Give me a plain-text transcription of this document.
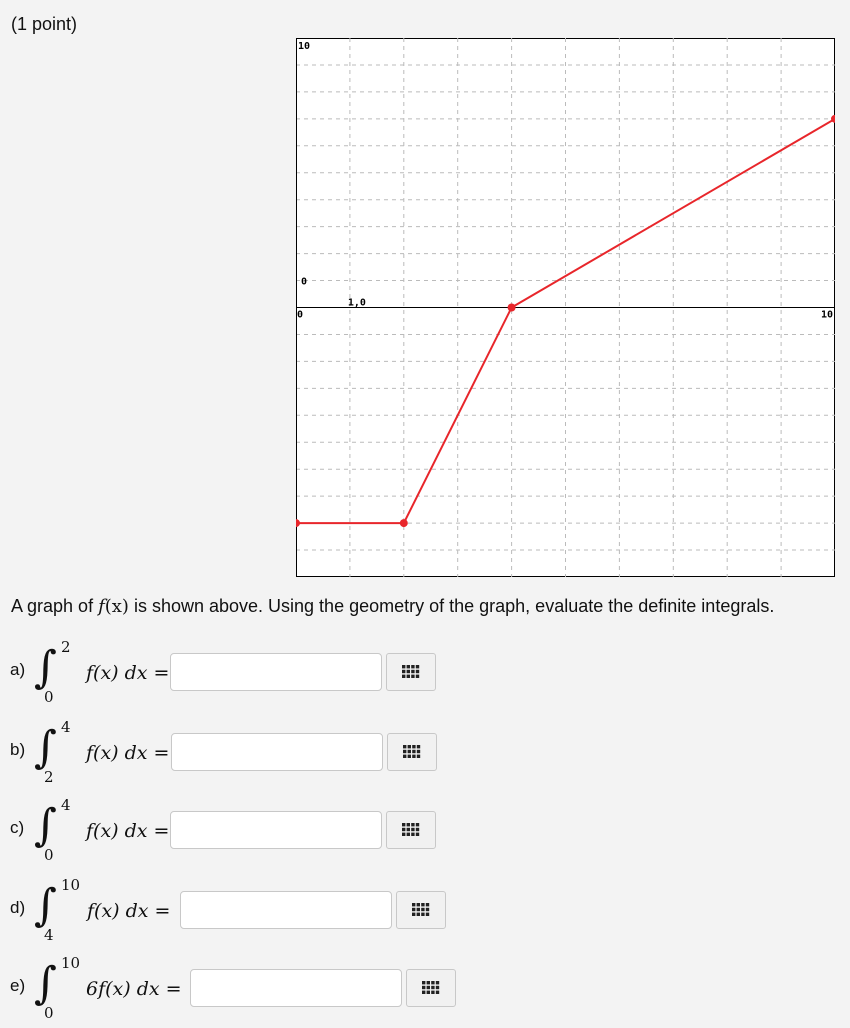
(1 point)
10
0
0
1,0
10
A graph of f(x) is shown above. Using the geometry of the graph, evaluate the definite integrals.
a) ∫ 2
0
f(x) dx =
b) ∫ 4
2
f(x) dx =
c) ∫ 4
0
f(x) dx =
d) ∫ 10
4
f(x) dx =
e) ∫ 10
0
6f(x) dx =
